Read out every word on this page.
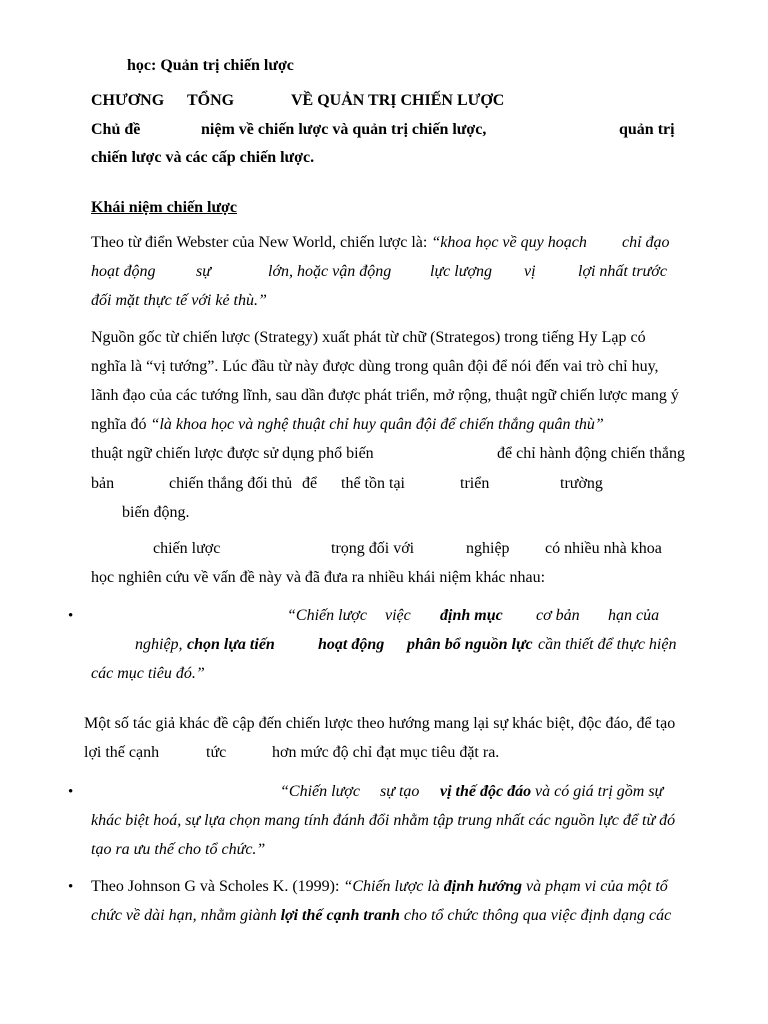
học: Quản trị chiến lược
CHƯƠNG TỔNG	VỀ QUẢN TRỊ CHIẾN LƯỢC
Chủ đề	niệm về chiến lược và quản trị chiến lược,	quản trị
chiến lược và các cấp chiến lược.
Khái niệm chiến lược
Theo từ điển Webster của New World, chiến lược là: “khoa học về quy hoạch chỉ đạo
hoạt động	sự	lớn, hoặc vận động lực lượng vị	lợi nhất trước
đối mặt thực tế với kẻ thù.”
Nguồn gốc từ chiến lược (Strategy) xuất phát từ chữ (Strategos) trong tiếng Hy Lạp có
nghĩa là “vị tướng”. Lúc đầu từ này được dùng trong quân đội để nói đến vai trò chỉ huy,
lãnh đạo của các tướng lĩnh, sau dần được phát triển, mở rộng, thuật ngữ chiến lược mang ý
nghĩa đó “là khoa học và nghệ thuật chỉ huy quân đội để chiến thắng quân thù”
thuật ngữ chiến lược được sử dụng phổ biến	để chỉ hành động chiến thắng
bản	chiến thắng đối thủ để thể tồn tại	triển	trường
biến động.
chiến lược	trọng đối với	nghiệp có nhiều nhà khoa
học nghiên cứu về vấn đề này và đã đưa ra nhiều khái niệm khác nhau:
•	“Chiến lược việc định mục cơ bản hạn của
nghiệp, chọn lựa tiến	hoạt động phân bổ nguồn lực cần thiết để thực hiện
các mục tiêu đó.”
Một số tác giả khác đề cập đến chiến lược theo hướng mang lại sự khác biệt, độc đáo, để tạo
lợi thế cạnh	tức	hơn mức độ chỉ đạt mục tiêu đặt ra.
•	“Chiến lược sự tạo vị thế độc đáo và có giá trị gồm sự
khác biệt hoá, sự lựa chọn mang tính đánh đổi nhằm tập trung nhất các nguồn lực để từ đó
tạo ra ưu thế cho tổ chức.”
• Theo Johnson G và Scholes K. (1999): “Chiến lược là định hướng và phạm vi của một tổ
chức về dài hạn, nhằm giành lợi thế cạnh tranh cho tổ chức thông qua việc định dạng các
